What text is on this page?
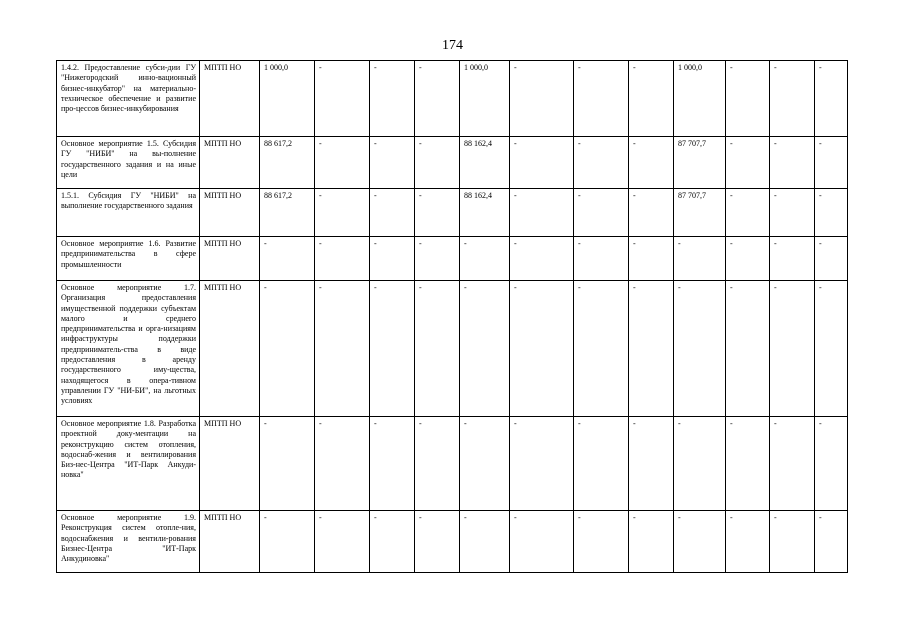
174
1.4.2. Предоставление субси-дии ГУ "Нижегородский инно-вационный бизнес-инкубатор" на материально-техническое обеспечение и развитие про-цессов бизнес-инкубирования	МПТП НО	1 000,0	-	-	-	1 000,0	-	-	-	1 000,0	-	-	-
Основное мероприятие 1.5. Субсидия ГУ "НИБИ" на вы-полнение государственного задания и на иные цели	МПТП НО	88 617,2	-	-	-	88 162,4	-	-	-	87 707,7	-	-	-
1.5.1. Субсидия ГУ "НИБИ" на выполнение государственного задания	МПТП НО	88 617,2	-	-	-	88 162,4	-	-	-	87 707,7	-	-	-
Основное мероприятие 1.6. Развитие предпринимательства в сфере промышленности	МПТП НО	-	-	-	-	-	-	-	-	-	-	-	-
Основное мероприятие 1.7. Организация предоставления имущественной поддержки субъектам малого и среднего предпринимательства и орга-низациям инфраструктуры поддержки предприниматель-ства в виде предоставления в аренду государственного иму-щества, находящегося в опера-тивном управлении ГУ "НИ-БИ", на льготных условиях	МПТП НО	-	-	-	-	-	-	-	-	-	-	-	-
Основное мероприятие 1.8. Разработка проектной доку-ментации на реконструкцию систем отопления, водоснаб-жения и вентилирования Биз-нес-Центра "ИТ-Парк Анкуди-новка"	МПТП НО	-	-	-	-	-	-	-	-	-	-	-	-
Основное мероприятие 1.9. Реконструкция систем отопле-ния, водоснабжения и вентили-рования Бизнес-Центра "ИТ-Парк Анкудиновка"	МПТП НО	-	-	-	-	-	-	-	-	-	-	-	-
